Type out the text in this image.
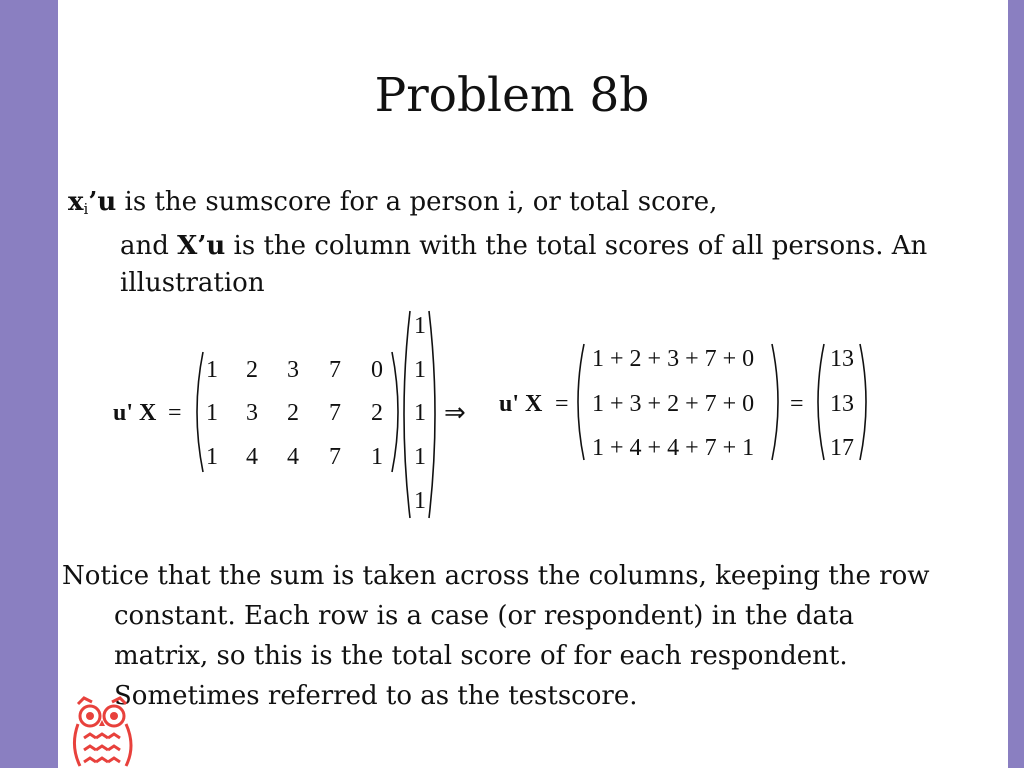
Problem 8b
$x_i’u$ is the sumscore for a person i, or total score,
and X’u is the column with the total scores of all persons. An
illustration
u' X =
1 2 3 7 0
1 3 2 7 2
1 4 4 7 1
1
1
1
1
1
⇒ u' X =
1 + 2 + 3 + 7 + 0
1 + 3 + 2 + 7 + 0
1 + 4 + 4 + 7 + 1
=
13
13
17
Notice that the sum is taken across the columns, keeping the row
constant. Each row is a case (or respondent) in the data
matrix, so this is the total score of for each respondent.
Sometimes referred to as the testscore.
